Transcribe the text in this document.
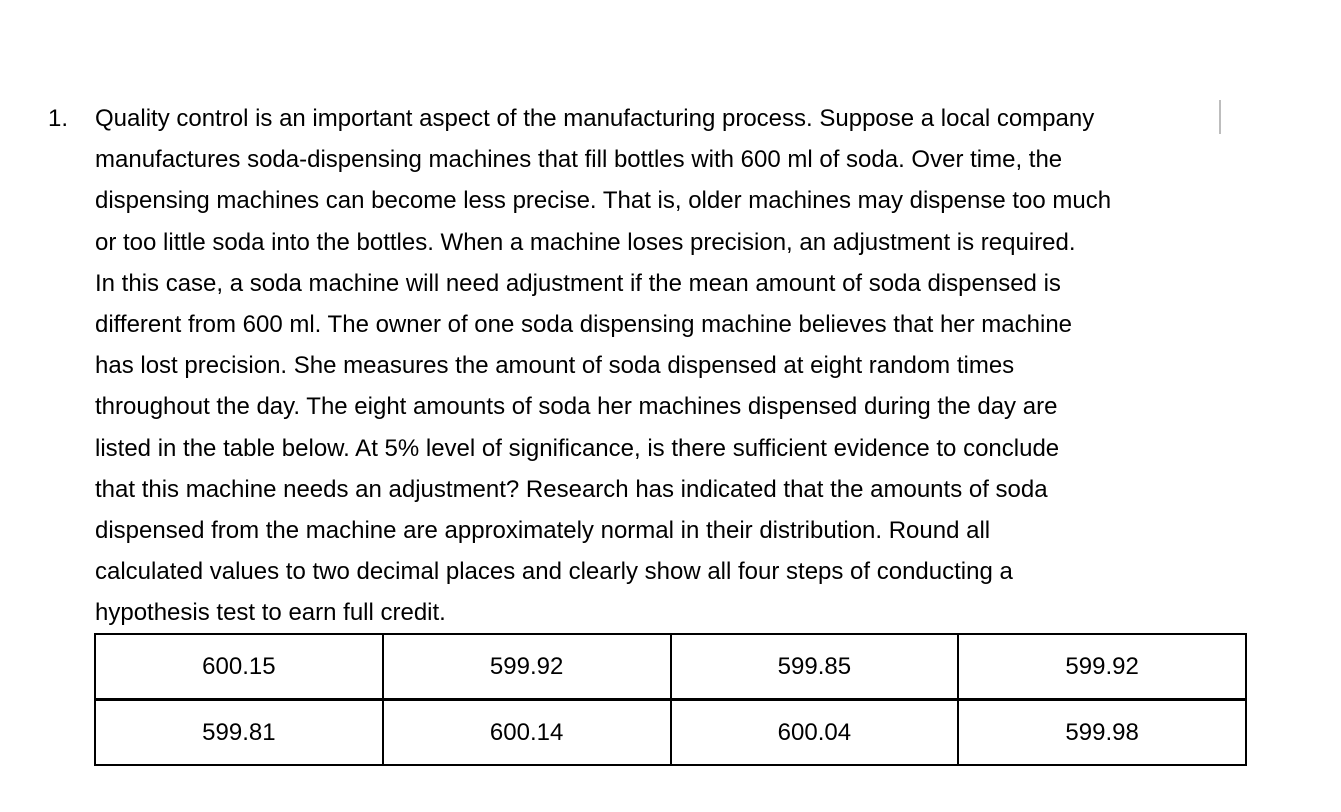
1. Quality control is an important aspect of the manufacturing process. Suppose a local company
manufactures soda-dispensing machines that fill bottles with 600 ml of soda. Over time, the
dispensing machines can become less precise. That is, older machines may dispense too much
or too little soda into the bottles. When a machine loses precision, an adjustment is required.
In this case, a soda machine will need adjustment if the mean amount of soda dispensed is
different from 600 ml. The owner of one soda dispensing machine believes that her machine
has lost precision. She measures the amount of soda dispensed at eight random times
throughout the day. The eight amounts of soda her machines dispensed during the day are
listed in the table below. At 5% level of significance, is there sufficient evidence to conclude
that this machine needs an adjustment? Research has indicated that the amounts of soda
dispensed from the machine are approximately normal in their distribution. Round all
calculated values to two decimal places and clearly show all four steps of conducting a
hypothesis test to earn full credit.
600.15	599.92	599.85	599.92
599.81	600.14	600.04	599.98
